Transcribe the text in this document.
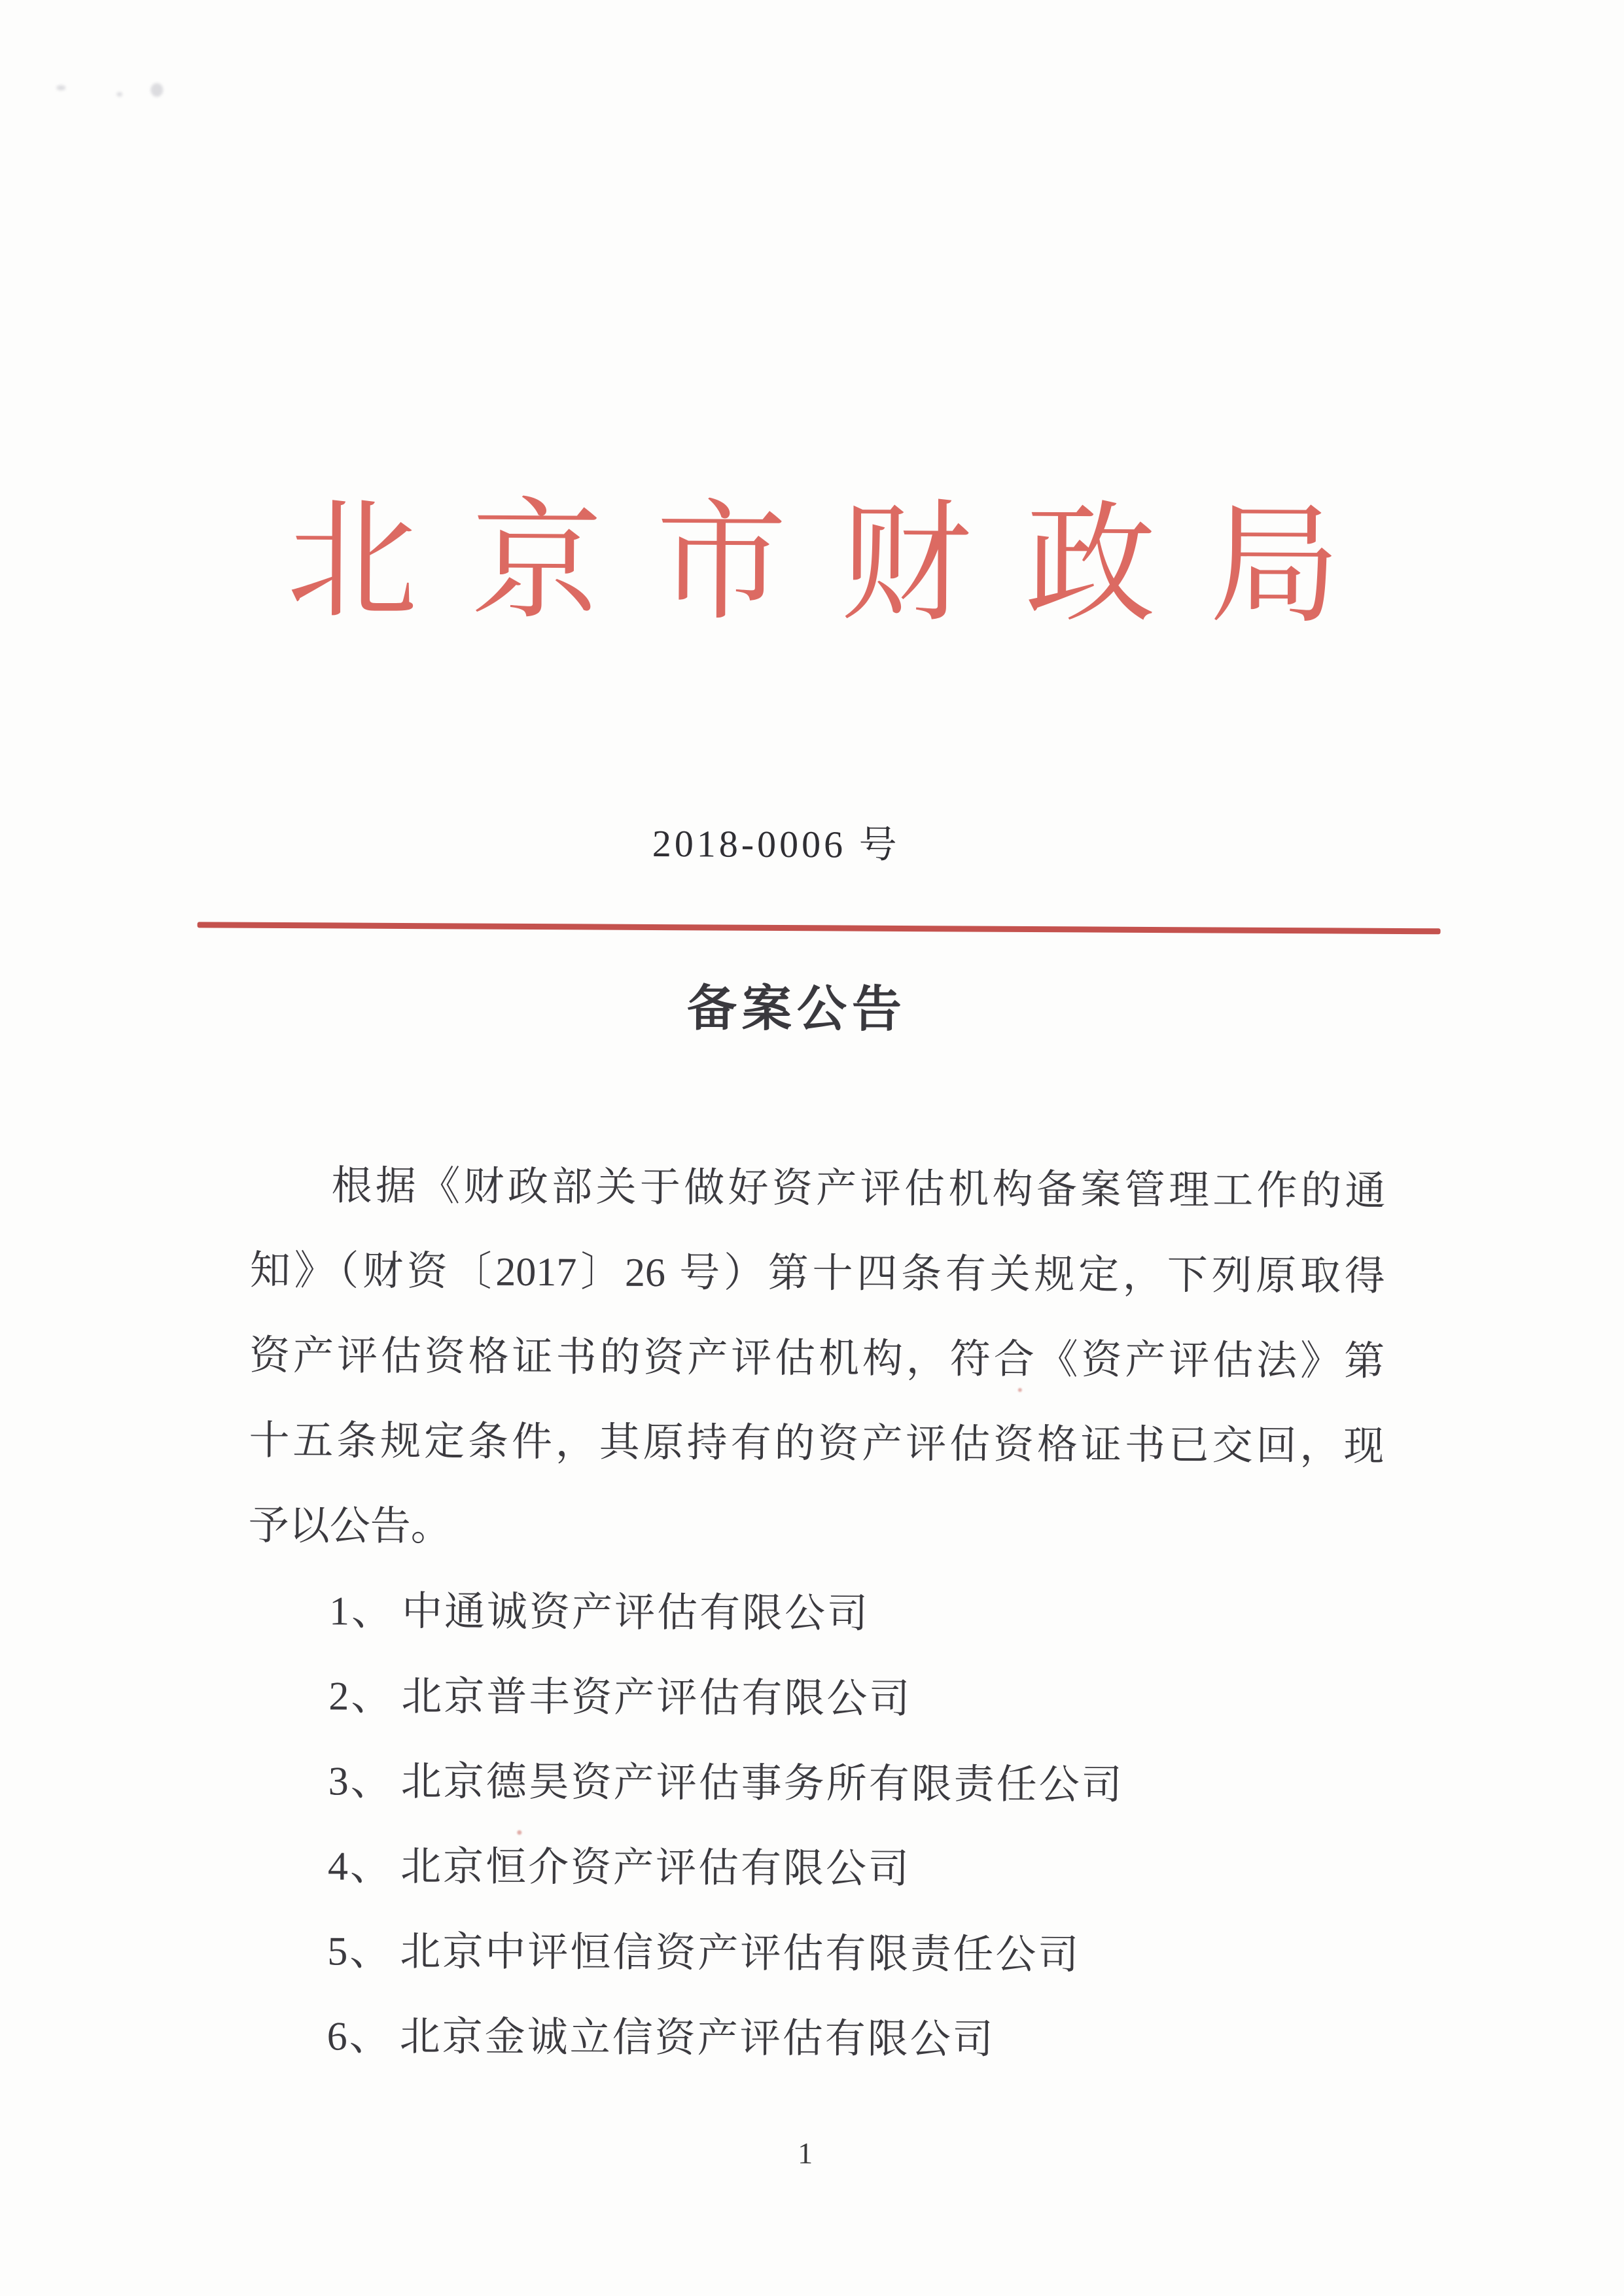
北京市财政局
2018-0006 号
备案公告
根据《财政部关于做好资产评估机构备案管理工作的通
知》（财资〔2017〕26 号）第十四条有关规定，下列原取得
资产评估资格证书的资产评估机构，符合《资产评估法》第
十五条规定条件，其原持有的资产评估资格证书已交回，现
予以公告。
1、 中通诚资产评估有限公司
2、 北京普丰资产评估有限公司
3、 北京德昊资产评估事务所有限责任公司
4、 北京恒介资产评估有限公司
5、 北京中评恒信资产评估有限责任公司
6、 北京金诚立信资产评估有限公司
1
